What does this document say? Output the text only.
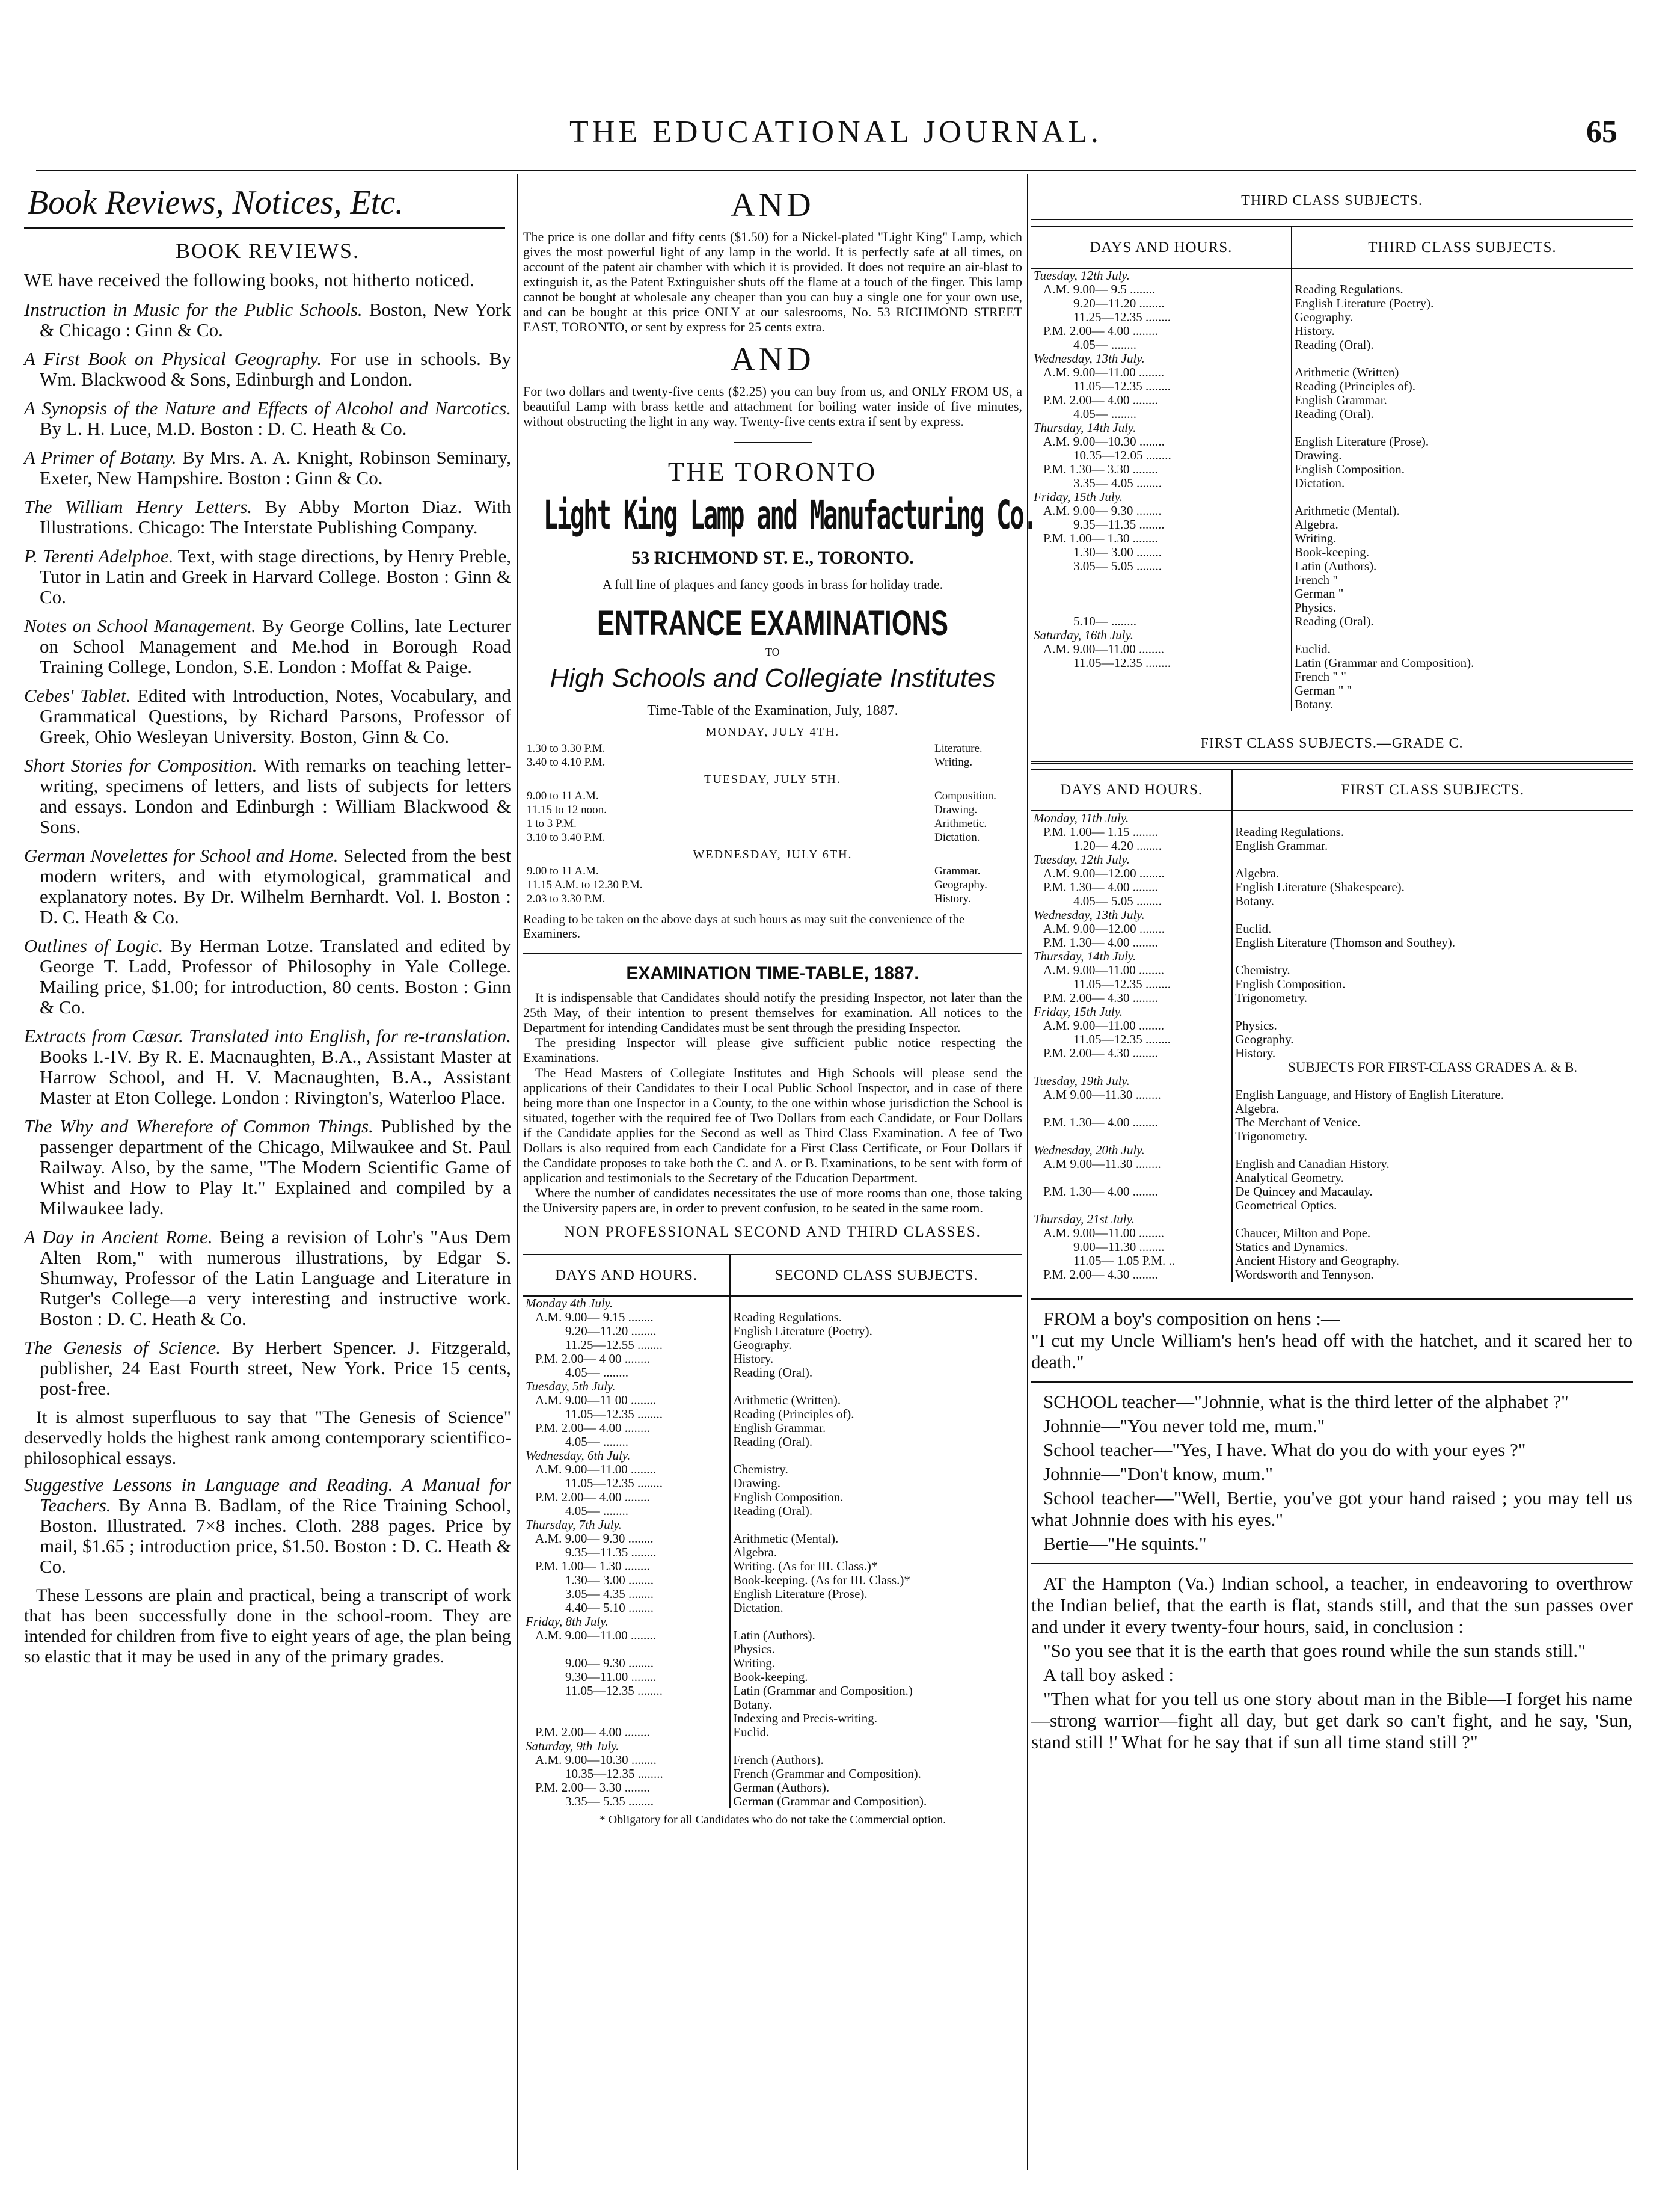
THE EDUCATIONAL JOURNAL.	65
Book Reviews, Notices, Etc.
BOOK REVIEWS.

WE have received the following books, not hitherto noticed.

Instruction in Music for the Public Schools. Boston, New York & Chicago : Ginn & Co.

A First Book on Physical Geography. For use in schools. By Wm. Blackwood & Sons, Edinburgh and London.

A Synopsis of the Nature and Effects of Alcohol and Narcotics. By L. H. Luce, M.D. Boston : D. C. Heath & Co.

A Primer of Botany. By Mrs. A. A. Knight, Robinson Seminary, Exeter, New Hampshire. Boston : Ginn & Co.

The William Henry Letters. By Abby Morton Diaz. With Illustrations. Chicago: The Interstate Publishing Company.

P. Terenti Adelphoe. Text, with stage directions, by Henry Preble, Tutor in Latin and Greek in Harvard College. Boston : Ginn & Co.

Notes on School Management. By George Collins, late Lecturer on School Management and Me.hod in Borough Road Training College, London, S.E. London : Moffat & Paige.

Cebes' Tablet. Edited with Introduction, Notes, Vocabulary, and Grammatical Questions, by Richard Parsons, Professor of Greek, Ohio Wesleyan University. Boston, Ginn & Co.

Short Stories for Composition. With remarks on teaching letter-writing, specimens of letters, and lists of subjects for letters and essays. London and Edinburgh : William Blackwood & Sons.

German Novelettes for School and Home. Selected from the best modern writers, and with etymological, grammatical and explanatory notes. By Dr. Wilhelm Bernhardt. Vol. I. Boston : D. C. Heath & Co.

Outlines of Logic. By Herman Lotze. Translated and edited by George T. Ladd, Professor of Philosophy in Yale College. Mailing price, $1.00; for introduction, 80 cents. Boston : Ginn & Co.

Extracts from Cæsar. Translated into English, for re-translation. Books I.-IV. By R. E. Macnaughten, B.A., Assistant Master at Harrow School, and H. V. Macnaughten, B.A., Assistant Master at Eton College. London : Rivington's, Waterloo Place.

The Why and Wherefore of Common Things. Published by the passenger department of the Chicago, Milwaukee and St. Paul Railway. Also, by the same, "The Modern Scientific Game of Whist and How to Play It." Explained and compiled by a Milwaukee lady.

A Day in Ancient Rome. Being a revision of Lohr's "Aus Dem Alten Rom," with numerous illustrations, by Edgar S. Shumway, Professor of the Latin Language and Literature in Rutger's College—a very interesting and instructive work. Boston : D. C. Heath & Co.

The Genesis of Science. By Herbert Spencer. J. Fitzgerald, publisher, 24 East Fourth street, New York. Price 15 cents, post-free.

It is almost superfluous to say that "The Genesis of Science" deservedly holds the highest rank among contemporary scientifico-philosophical essays.

Suggestive Lessons in Language and Reading. A Manual for Teachers. By Anna B. Badlam, of the Rice Training School, Boston. Illustrated. 7×8 inches. Cloth. 288 pages. Price by mail, $1.65 ; introduction price, $1.50. Boston : D. C. Heath & Co.

These Lessons are plain and practical, being a transcript of work that has been successfully done in the school-room. They are intended for children from five to eight years of age, the plan being so elastic that it may be used in any of the primary grades.

AND

The price is one dollar and fifty cents ($1.50) for a Nickel-plated "Light King" Lamp, which gives the most powerful light of any lamp in the world. It is perfectly safe at all times, on account of the patent air chamber with which it is provided. It does not require an air-blast to extinguish it, as the Patent Extinguisher shuts off the flame at a touch of the finger. This lamp cannot be bought at wholesale any cheaper than you can buy a single one for your own use, and can be bought at this price ONLY at our salesrooms, No. 53 RICHMOND STREET EAST, TORONTO, or sent by express for 25 cents extra.

AND

For two dollars and twenty-five cents ($2.25) you can buy from us, and ONLY FROM US, a beautiful Lamp with brass kettle and attachment for boiling water inside of five minutes, without obstructing the light in any way. Twenty-five cents extra if sent by express.

THE TORONTO
Light King Lamp and Manufacturing Co.
53 RICHMOND ST. E., TORONTO.
A full line of plaques and fancy goods in brass for holiday trade.
ENTRANCE EXAMINATIONS
— TO —
High Schools and Collegiate Institutes
Time-Table of the Examination, July, 1887.
MONDAY, JULY 4TH.
1.30 to 3.30 P.M.	Literature.
3.40 to 4.10 P.M.	Writing.
TUESDAY, JULY 5TH.
9.00 to 11 A.M.	Composition.
11.15 to 12 noon.	Drawing.
1 to 3 P.M.	Arithmetic.
3.10 to 3.40 P.M.	Dictation.
WEDNESDAY, JULY 6TH.
9.00 to 11 A.M.	Grammar.
11.15 A.M. to 12.30 P.M.	Geography.
2.03 to 3.30 P.M.	History.

Reading to be taken on the above days at such hours as may suit the convenience of the Examiners.

EXAMINATION TIME-TABLE, 1887.

It is indispensable that Candidates should notify the presiding Inspector, not later than the 25th May, of their intention to present themselves for examination. All notices to the Department for intending Candidates must be sent through the presiding Inspector.

The presiding Inspector will please give sufficient public notice respecting the Examinations.

The Head Masters of Collegiate Institutes and High Schools will please send the applications of their Candidates to their Local Public School Inspector, and in case of there being more than one Inspector in a County, to the one within whose jurisdiction the School is situated, together with the required fee of Two Dollars from each Candidate, or Four Dollars if the Candidate applies for the Second as well as Third Class Examination. A fee of Two Dollars is also required from each Candidate for a First Class Certificate, or Four Dollars if the Candidate proposes to take both the C. and A. or B. Examinations, to be sent with form of application and testimonials to the Secretary of the Education Department.

Where the number of candidates necessitates the use of more rooms than one, those taking the University papers are, in order to prevent confusion, to be seated in the same room.

NON PROFESSIONAL SECOND AND THIRD CLASSES.
DAYS AND HOURS.	SECOND CLASS SUBJECTS.
Monday 4th July.	
A.M. 9.00— 9.15 ........	Reading Regulations.
9.20—11.20 ........	English Literature (Poetry).
11.25—12.55 ........	Geography.
P.M. 2.00— 4 00 ........	History.
4.05— ........	Reading (Oral).
Tuesday, 5th July.	
A.M. 9.00—11 00 ........	Arithmetic (Written).
11.05—12.35 ........	Reading (Principles of).
P.M. 2.00— 4.00 ........	English Grammar.
4.05— ........	Reading (Oral).
Wednesday, 6th July.	
A.M. 9.00—11.00 ........	Chemistry.
11.05—12.35 ........	Drawing.
P.M. 2.00— 4.00 ........	English Composition.
4.05— ........	Reading (Oral).
Thursday, 7th July.	
A.M. 9.00— 9.30 ........	Arithmetic (Mental).
9.35—11.35 ........	Algebra.
P.M. 1.00— 1.30 ........	Writing. (As for III. Class.)*
1.30— 3.00 ........	Book-keeping. (As for III. Class.)*
3.05— 4.35 ........	English Literature (Prose).
4.40— 5.10 ........	Dictation.
Friday, 8th July.	
A.M. 9.00—11.00 ........	Latin (Authors).
	Physics.
9.00— 9.30 ........	Writing.
9.30—11.00 ........	Book-keeping.
11.05—12.35 ........	Latin (Grammar and Composition.)
	Botany.
	Indexing and Precis-writing.
P.M. 2.00— 4.00 ........	Euclid.
Saturday, 9th July.	
A.M. 9.00—10.30 ........	French (Authors).
10.35—12.35 ........	French (Grammar and Composition).
P.M. 2.00— 3.30 ........	German (Authors).
3.35— 5.35 ........	German (Grammar and Composition).
* Obligatory for all Candidates who do not take the Commercial option.
THIRD CLASS SUBJECTS.
DAYS AND HOURS.	THIRD CLASS SUBJECTS.
Tuesday, 12th July.	
A.M. 9.00— 9.5 ........	Reading Regulations.
9.20—11.20 ........	English Literature (Poetry).
11.25—12.35 ........	Geography.
P.M. 2.00— 4.00 ........	History.
4.05— ........	Reading (Oral).
Wednesday, 13th July.	
A.M. 9.00—11.00 ........	Arithmetic (Written)
11.05—12.35 ........	Reading (Principles of).
P.M. 2.00— 4.00 ........	English Grammar.
4.05— ........	Reading (Oral).
Thursday, 14th July.	
A.M. 9.00—10.30 ........	English Literature (Prose).
10.35—12.05 ........	Drawing.
P.M. 1.30— 3.30 ........	English Composition.
3.35— 4.05 ........	Dictation.
Friday, 15th July.	
A.M. 9.00— 9.30 ........	Arithmetic (Mental).
9.35—11.35 ........	Algebra.
P.M. 1.00— 1.30 ........	Writing.
1.30— 3.00 ........	Book-keeping.
3.05— 5.05 ........	Latin (Authors).
	French "
	German "
	Physics.
5.10— ........	Reading (Oral).
Saturday, 16th July.	
A.M. 9.00—11.00 ........	Euclid.
11.05—12.35 ........	Latin (Grammar and Composition).
	French " "
	German " "
	Botany.
FIRST CLASS SUBJECTS.—GRADE C.
DAYS AND HOURS.	FIRST CLASS SUBJECTS.
Monday, 11th July.	
P.M. 1.00— 1.15 ........	Reading Regulations.
1.20— 4.20 ........	English Grammar.
Tuesday, 12th July.	
A.M. 9.00—12.00 ........	Algebra.
P.M. 1.30— 4.00 ........	English Literature (Shakespeare).
4.05— 5.05 ........	Botany.
Wednesday, 13th July.	
A.M. 9.00—12.00 ........	Euclid.
P.M. 1.30— 4.00 ........	English Literature (Thomson and Southey).
Thursday, 14th July.	
A.M. 9.00—11.00 ........	Chemistry.
11.05—12.35 ........	English Composition.
P.M. 2.00— 4.30 ........	Trigonometry.
Friday, 15th July.	
A.M. 9.00—11.00 ........	Physics.
11.05—12.35 ........	Geography.
P.M. 2.00— 4.30 ........	History.
	SUBJECTS FOR FIRST-CLASS GRADES A. & B.
Tuesday, 19th July.	
A.M 9.00—11.30 ........	English Language, and History of English Literature.
	Algebra.
P.M. 1.30— 4.00 ........	The Merchant of Venice.
	Trigonometry.
Wednesday, 20th July.	
A.M 9.00—11.30 ........	English and Canadian History.
	Analytical Geometry.
P.M. 1.30— 4.00 ........	De Quincey and Macaulay.
	Geometrical Optics.
Thursday, 21st July.	
A.M. 9.00—11.00 ........	Chaucer, Milton and Pope.
9.00—11.30 ........	Statics and Dynamics.
11.05— 1.05 P.M. ..	Ancient History and Geography.
P.M. 2.00— 4.30 ........	Wordsworth and Tennyson.

FROM a boy's composition on hens :—
"I cut my Uncle William's hen's head off with the hatchet, and it scared her to death."

SCHOOL teacher—"Johnnie, what is the third letter of the alphabet ?"

Johnnie—"You never told me, mum."

School teacher—"Yes, I have. What do you do with your eyes ?"

Johnnie—"Don't know, mum."

School teacher—"Well, Bertie, you've got your hand raised ; you may tell us what Johnnie does with his eyes."

Bertie—"He squints."

AT the Hampton (Va.) Indian school, a teacher, in endeavoring to overthrow the Indian belief, that the earth is flat, stands still, and that the sun passes over and under it every twenty-four hours, said, in conclusion :

"So you see that it is the earth that goes round while the sun stands still."

A tall boy asked :

"Then what for you tell us one story about man in the Bible—I forget his name—strong warrior—fight all day, but get dark so can't fight, and he say, 'Sun, stand still !' What for he say that if sun all time stand still ?"
